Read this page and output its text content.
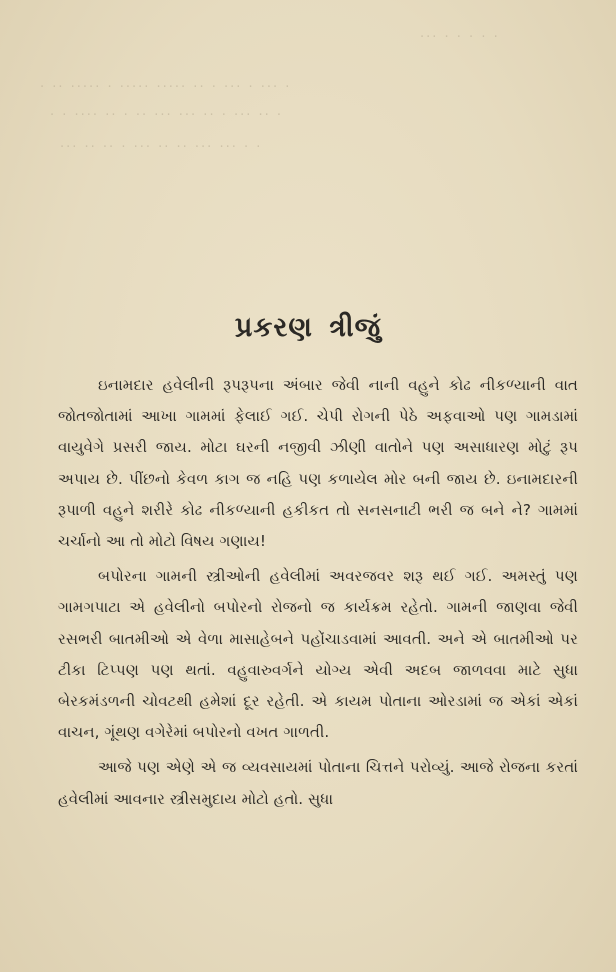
··· · · · · ·
· ·· ····· · ····· ····· ·· · ··· · ··· ·
· · ···· ·· · ·· ··· ··· ·· · ··· ·· ·
··· ·· ·· · ··· ·· ·· ··· ··· · ·
પ્રકરણ ત્રીજું

ઇનામદાર હવેલીની રૂપરૂપના અંબાર જેવી નાની વહુને કોઢ નીકળ્યાની વાત જોતજોતામાં આખા ગામમાં ફેલાઈ ગઈ. ચેપી રોગની પેઠે અફવાઓ પણ ગામડામાં વાયુવેગે પ્રસરી જાય. મોટા ઘરની નજીવી ઝીણી વાતોને પણ અસાધારણ મોટું રૂપ અપાય છે. પીંછનો કેવળ કાગ જ નહિ પણ કળાયેલ મોર બની જાય છે. ઇનામદારની રૂપાળી વહુને શરીરે કોઢ નીકળ્યાની હકીકત તો સનસનાટી ભરી જ બને ને? ગામમાં ચર્ચાનો આ તો મોટો વિષય ગણાય!

બપોરના ગામની સ્ત્રીઓની હવેલીમાં અવરજવર શરૂ થઈ ગઈ. અમસ્તું પણ ગામગપાટા એ હવેલીનો બપોરનો રોજનો જ કાર્યક્રમ રહેતો. ગામની જાણવા જેવી રસભરી બાતમીઓ એ વેળા માસાહેબને પહોંચાડવામાં આવતી. અને એ બાતમીઓ પર ટીકા ટિપ્પણ પણ થતાં. વહુવારુવર્ગને યોગ્ય એવી અદબ જાળવવા માટે સુધા બેરકમંડળની ચોવટથી હમેશાં દૂર રહેતી. એ કાયમ પોતાના ઓરડામાં જ એકાં એકાં વાચન, ગૂંથણ વગેરેમાં બપોરનો વખત ગાળતી.

આજે પણ એણે એ જ વ્યવસાયમાં પોતાના ચિત્તને પરોવ્યું. આજે રોજના કરતાં હવેલીમાં આવનાર સ્ત્રીસમુદાય મોટો હતો. સુધા
